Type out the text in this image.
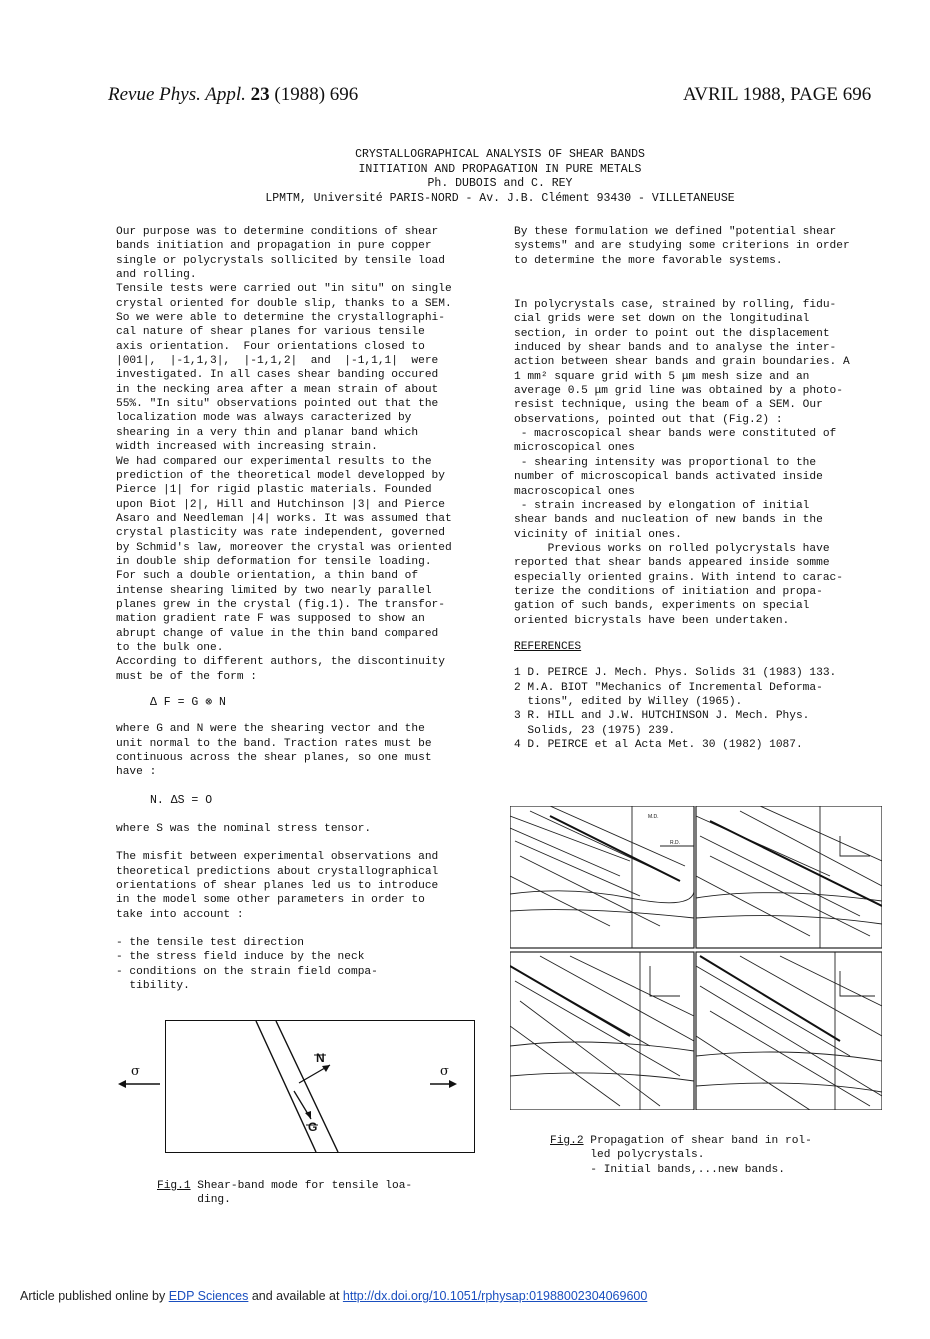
Revue Phys. Appl. 23 (1988) 696	AVRIL 1988, PAGE 696
CRYSTALLOGRAPHICAL ANALYSIS OF SHEAR BANDS
INITIATION AND PROPAGATION IN PURE METALS
Ph. DUBOIS and C. REY
LPMTM, Université PARIS-NORD - Av. J.B. Clément 93430 - VILLETANEUSE

Our purpose was to determine conditions of shear
bands initiation and propagation in pure copper
single or polycrystals sollicited by tensile load
and rolling.
Tensile tests were carried out "in situ" on single
crystal oriented for double slip, thanks to a SEM.
So we were able to determine the crystallographi-
cal nature of shear planes for various tensile
axis orientation.  Four orientations closed to
|001|,  |-1,1,3|,  |-1,1,2|  and  |-1,1,1|  were
investigated. In all cases shear banding occured
in the necking area after a mean strain of about
55%. "In situ" observations pointed out that the
localization mode was always caracterized by
shearing in a very thin and planar band which
width increased with increasing strain.
We had compared our experimental results to the
prediction of the theoretical model developped by
Pierce |1| for rigid plastic materials. Founded
upon Biot |2|, Hill and Hutchinson |3| and Pierce
Asaro and Needleman |4| works. It was assumed that
crystal plasticity was rate independent, governed
by Schmid's law, moreover the crystal was oriented
in double ship deformation for tensile loading.
For such a double orientation, a thin band of
intense shearing limited by two nearly parallel
planes grew in the crystal (fig.1). The transfor-
mation gradient rate F was supposed to show an
abrupt change of value in the thin band compared
to the bulk one.
According to different authors, the discontinuity
must be of the form :

Δ F = G ⊗ N

where G and N were the shearing vector and the
unit normal to the band. Traction rates must be
continuous across the shear planes, so one must
have :

N. ΔS = O

where S was the nominal stress tensor.

The misfit between experimental observations and
theoretical predictions about crystallographical
orientations of shear planes led us to introduce
in the model some other parameters in order to
take into account :

- the tensile test direction
- the stress field induce by the neck
- conditions on the strain field compa-
tibility.

By these formulation we defined "potential shear
systems" and are studying some criterions in order
to determine the more favorable systems.

In polycrystals case, strained by rolling, fidu-
cial grids were set down on the longitudinal
section, in order to point out the displacement
induced by shear bands and to analyse the inter-
action between shear bands and grain boundaries. A
1 mm² square grid with 5 μm mesh size and an
average 0.5 μm grid line was obtained by a photo-
resist technique, using the beam of a SEM. Our
observations, pointed out that (Fig.2) :
- macroscopical shear bands were constituted of
microscopical ones
- shearing intensity was proportional to the
number of microscopical bands activated inside
macroscopical ones
- strain increased by elongation of initial
shear bands and nucleation of new bands in the
vicinity of initial ones.
Previous works on rolled polycrystals have
reported that shear bands appeared inside somme
especially oriented grains. With intend to carac-
terize the conditions of initiation and propa-
gation of such bands, experiments on special
oriented bicrystals have been undertaken.

REFERENCES

1 D. PEIRCE J. Mech. Phys. Solids 31 (1983) 133.
2 M.A. BIOT "Mechanics of Incremental Deforma-
tions", edited by Willey (1965).
3 R. HILL and J.W. HUTCHINSON J. Mech. Phys.
Solids, 23 (1975) 239.
4 D. PEIRCE et al Acta Met. 30 (1982) 1087.

N
G
σ	σ
Fig.1 Shear-band mode for tensile loa-
ding.
M.D.
R.D.
Fig.2 Propagation of shear band in rol-
led polycrystals.
- Initial bands,...new bands.
Article published online by EDP Sciences and available at http://dx.doi.org/10.1051/rphysap:01988002304069600
